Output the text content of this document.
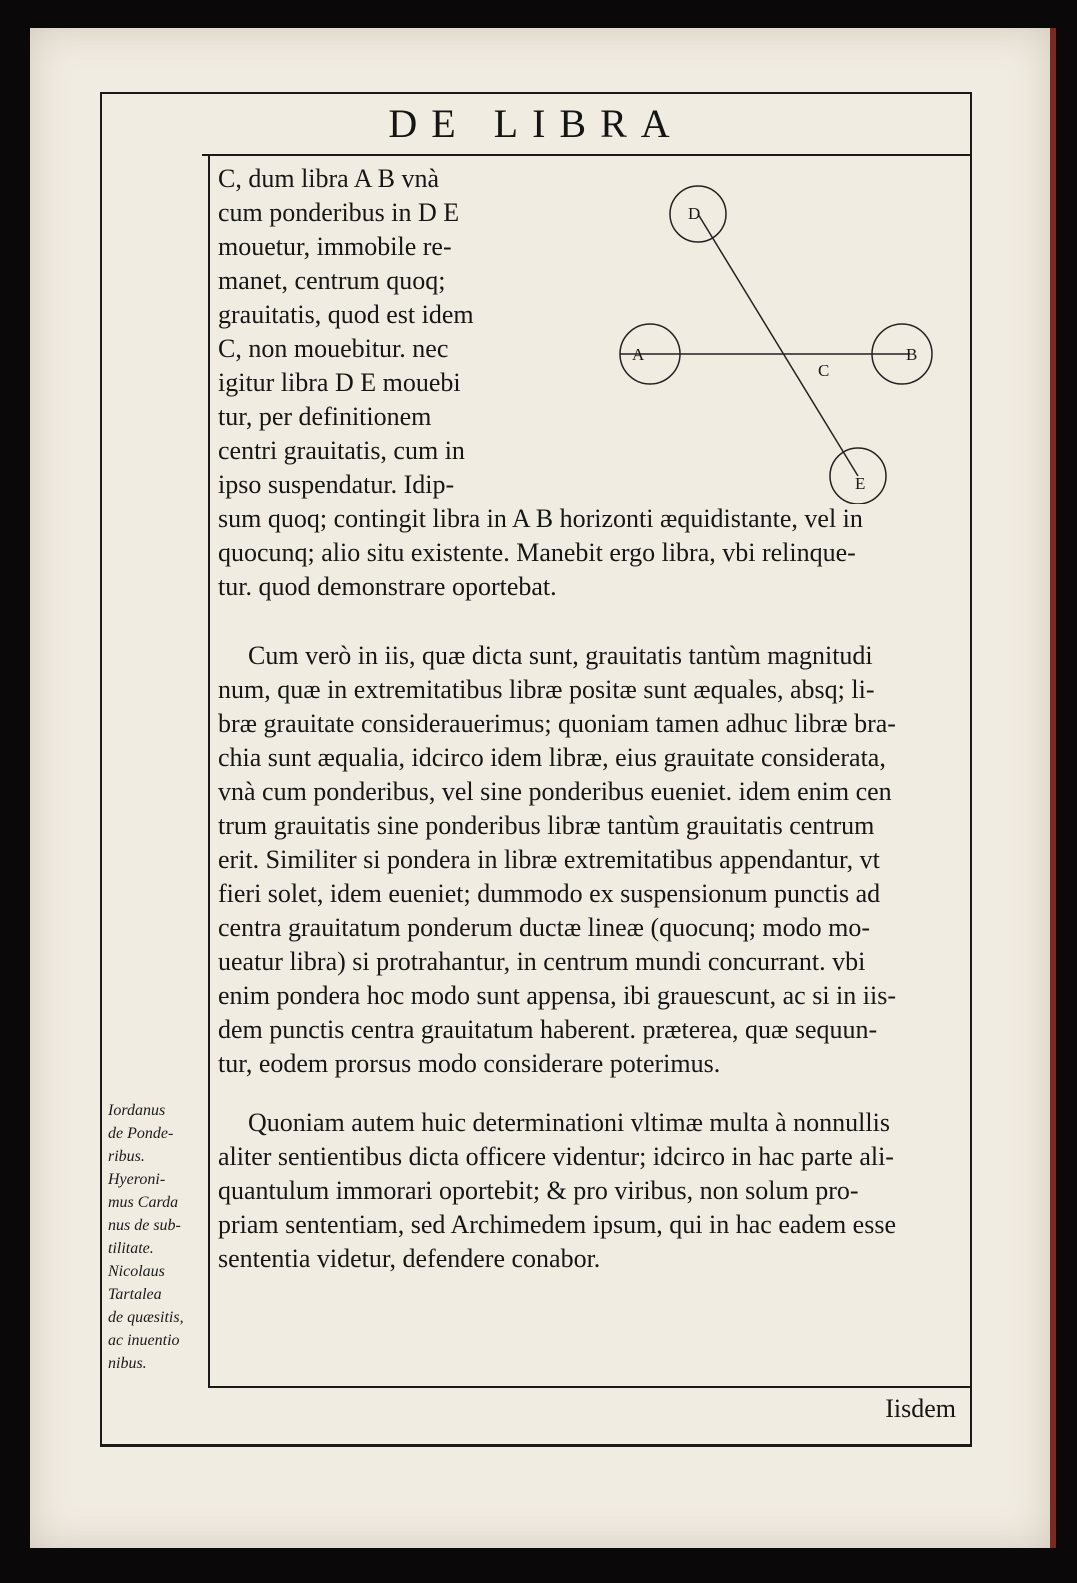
DE LIBRA
C, dum libra A B vnà
cum ponderibus in D E
mouetur, immobile re-
manet, centrum quoq;
grauitatis, quod est idem
C, non mouebitur. nec
igitur libra D E mouebi
tur, per definitionem
centri grauitatis, cum in
ipso suspendatur. Idip-
sum quoq; contingit libra in A B horizonti æquidistante, vel in
quocunq; alio situ existente. Manebit ergo libra, vbi relinque-
tur. quod demonstrare oportebat.
A	B
C
D
E
Cum verò in iis, quæ dicta sunt, grauitatis tantùm magnitudi
num, quæ in extremitatibus libræ positæ sunt æquales, absq; li-
bræ grauitate considerauerimus; quoniam tamen adhuc libræ bra-
chia sunt æqualia, idcirco idem libræ, eius grauitate considerata,
vnà cum ponderibus, vel sine ponderibus eueniet. idem enim cen
trum grauitatis sine ponderibus libræ tantùm grauitatis centrum
erit. Similiter si pondera in libræ extremitatibus appendantur, vt
fieri solet, idem eueniet; dummodo ex suspensionum punctis ad
centra grauitatum ponderum ductæ lineæ (quocunq; modo mo-
ueatur libra) si protrahantur, in centrum mundi concurrant. vbi
enim pondera hoc modo sunt appensa, ibi grauescunt, ac si in iis-
dem punctis centra grauitatum haberent. præterea, quæ sequun-
tur, eodem prorsus modo considerare poterimus.
Quoniam autem huic determinationi vltimæ multa à nonnullis
aliter sentientibus dicta officere videntur; idcirco in hac parte ali-
quantulum immorari oportebit; & pro viribus, non solum pro-
priam sententiam, sed Archimedem ipsum, qui in hac eadem esse
sententia videtur, defendere conabor.
Iordanus
de Ponde-
ribus.
Hyeroni-
mus Carda
nus de sub-
tilitate.
Nicolaus
Tartalea
de quæsitis,
ac inuentio
nibus.
Iisdem
